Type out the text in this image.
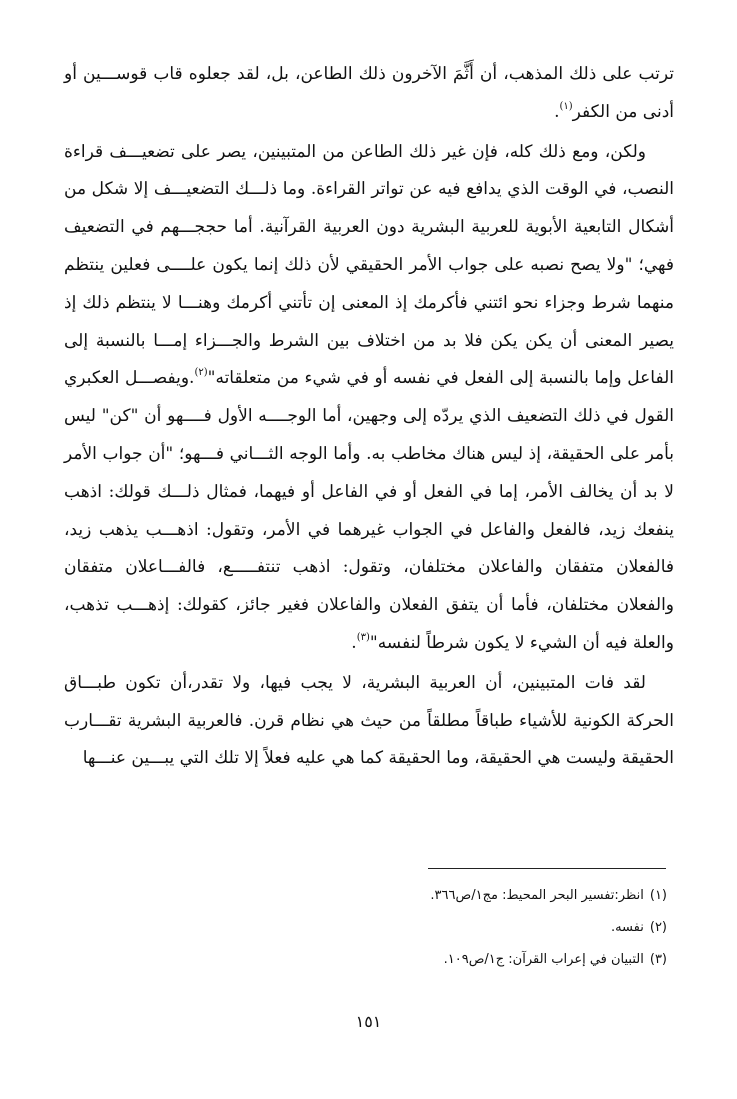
ترتب على ذلك المذهب، أن أَثَّمَ الآخرون ذلك الطاعن، بل، لقد جعلوه قاب قوســـين أو أدنى من الكفر$^{(١)}$.

ولكن، ومع ذلك كله، فإن غير ذلك الطاعن من المتبينين، يصر على تضعيـــف قراءة النصب، في الوقت الذي يدافع فيه عن تواتر القراءة. وما ذلـــك التضعيـــف إلا شكل من أشكال التابعية الأبوية للعربية البشرية دون العربية القرآنية. أما حججـــهم في التضعيف فهي؛ "ولا يصح نصبه على جواب الأمر الحقيقي لأن ذلك إنما يكون علــــى فعلين ينتظم منهما شرط وجزاء نحو ائتني فأكرمك إذ المعنى إن تأتني أكرمك وهنـــا لا ينتظم ذلك إذ يصير المعنى أن يكن يكن فلا بد من اختلاف بين الشرط والجـــزاء إمـــا بالنسبة إلى الفاعل وإما بالنسبة إلى الفعل في نفسه أو في شيء من متعلقاته"$^{(٢)}$.ويفصـــل العكبري القول في ذلك التضعيف الذي يردّه إلى وجهين، أما الوجــــه الأول فــــهو أن "كن" ليس بأمر على الحقيقة، إذ ليس هناك مخاطب به. وأما الوجه الثـــاني فـــهو؛ "أن جواب الأمر لا بد أن يخالف الأمر، إما في الفعل أو في الفاعل أو فيهما، فمثال ذلـــك قولك: اذهب ينفعك زيد، فالفعل والفاعل في الجواب غيرهما في الأمر، وتقول: اذهـــب يذهب زيد، فالفعلان متفقان والفاعلان مختلفان، وتقول: اذهب تنتفـــــع، فالفـــاعلان متفقان والفعلان مختلفان، فأما أن يتفق الفعلان والفاعلان فغير جائز، كقولك: إذهـــب تذهب، والعلة فيه أن الشيء لا يكون شرطاً لنفسه"$^{(٣)}$.

لقد فات المتبينين، أن العربية البشرية، لا يجب فيها، ولا تقدر،أن تكون طبـــاق الحركة الكونية للأشياء طباقاً مطلقاً من حيث هي نظام قرن. فالعربية البشرية تقـــارب الحقيقة وليست هي الحقيقة، وما الحقيقة كما هي عليه فعلاً إلا تلك التي يبـــين عنـــها

(١)انظر:تفسير البحر المحيط: مج١/ص٣٦٦.

(٢)نفسه.

(٣)التبيان في إعراب القرآن: ج١/ص١٠٩.

١٥١
